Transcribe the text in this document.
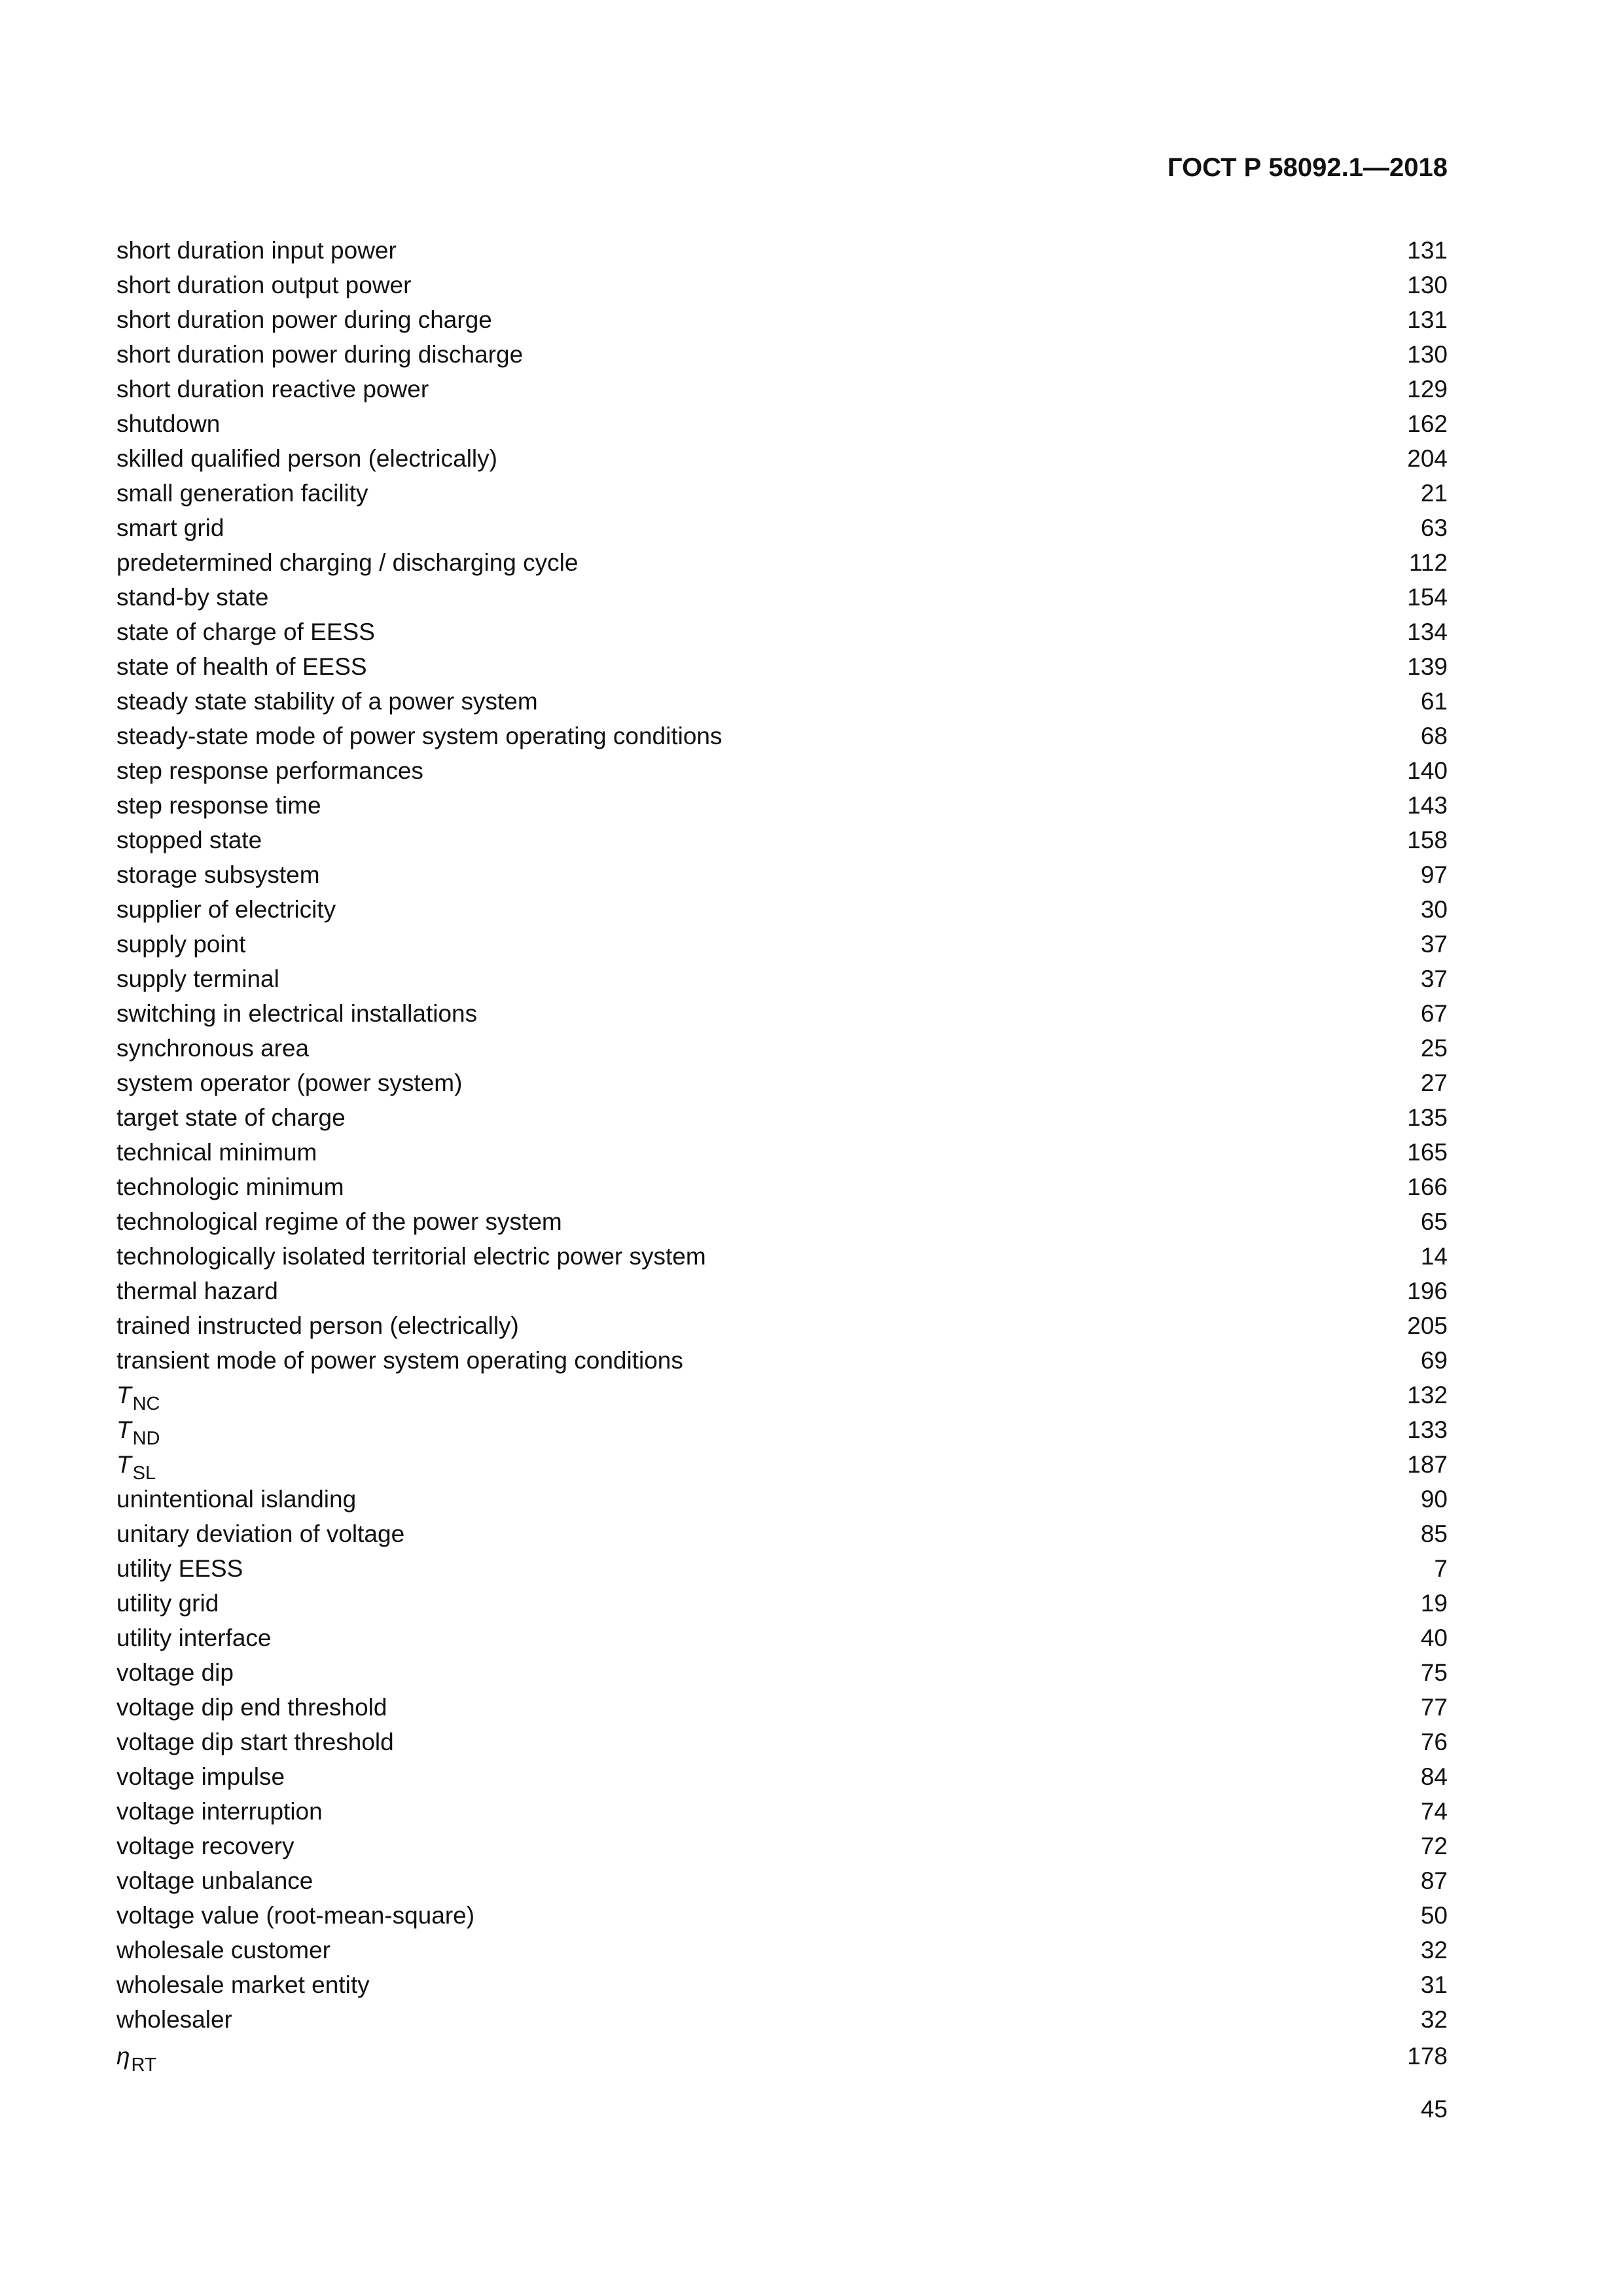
ГОСТ Р 58092.1—2018
short duration input power	131
short duration output power	130
short duration power during charge	131
short duration power during discharge	130
short duration reactive power	129
shutdown	162
skilled qualified person (electrically)	204
small generation facility	21
smart grid	63
predetermined charging / discharging cycle	112
stand-by state	154
state of charge of EESS	134
state of health of EESS	139
steady state stability of a power system	61
steady-state mode of power system operating conditions	68
step response performances	140
step response time	143
stopped state	158
storage subsystem	97
supplier of electricity	30
supply point	37
supply terminal	37
switching in electrical installations	67
synchronous area	25
system operator (power system)	27
target state of charge	135
technical minimum	165
technologic minimum	166
technological regime of the power system	65
technologically isolated territorial electric power system	14
thermal hazard	196
trained instructed person (electrically)	205
transient mode of power system operating conditions	69
$T_{NC}$	132
$T_{ND}$	133
$T_{SL}$	187
unintentional islanding	90
unitary deviation of voltage	85
utility EESS	7
utility grid	19
utility interface	40
voltage dip	75
voltage dip end threshold	77
voltage dip start threshold	76
voltage impulse	84
voltage interruption	74
voltage recovery	72
voltage unbalance	87
voltage value (root-mean-square)	50
wholesale customer	32
wholesale market entity	31
wholesaler	32
$\eta_{RT}$	178
45
